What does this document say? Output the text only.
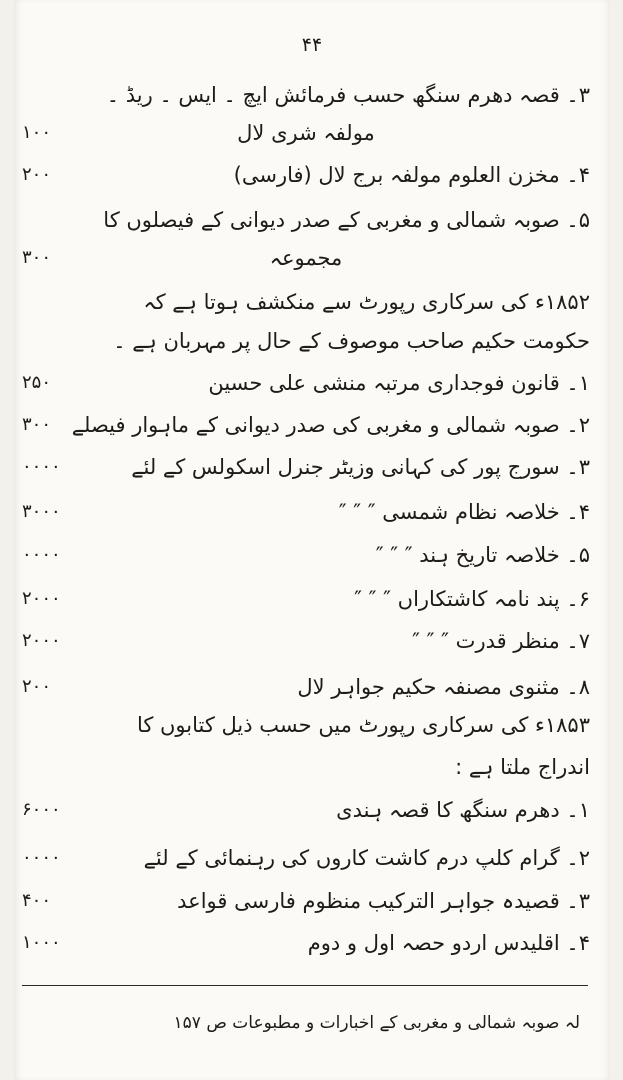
۴۴
۳۔ قصہ دھرم سنگھ حسب فرمائش ایچ ۔ ایس ۔ ریڈ ۔
مولفہ شری لال
۱۰۰
۴۔ مخزن العلوم مولفہ برج لال (فارسی)
۲۰۰
۵۔ صوبہ شمالی و مغربی کے صدر دیوانی کے فیصلوں کا
مجموعہ
۳۰۰
۱۸۵۲ء کی سرکاری رپورٹ سے منکشف ہوتا ہے کہ
حکومت حکیم صاحب موصوف کے حال پر مہربان ہے ۔
۱۔ قانون فوجداری مرتبہ منشی علی حسین
۲۵۰
۲۔ صوبہ شمالی و مغربی کی صدر دیوانی کے ماہوار فیصلے
۳۰۰
۳۔ سورج پور کی کہانی وزیٹر جنرل اسکولس کے لئے
۰۰۰۰
۴۔ خلاصہ نظام شمسی ″ ″ ″
۳۰۰۰
۵۔ خلاصہ تاریخ ہند ″ ″ ″
۰۰۰۰
۶۔ پند نامہ کاشتکاراں ″ ″ ″
۲۰۰۰
۷۔ منظر قدرت ″ ″ ″
۲۰۰۰
۸۔ مثنوی مصنفہ حکیم جواہر لال
۲۰۰
۱۸۵۳ء کی سرکاری رپورٹ میں حسب ذیل کتابوں کا
اندراج ملتا ہے :
۱۔ دھرم سنگھ کا قصہ ہندی
۶۰۰۰
۲۔ گرام کلپ درم کاشت کاروں کی رہنمائی کے لئے
۰۰۰۰
۳۔ قصیدہ جواہر الترکیب منظوم فارسی قواعد
۴۰۰
۴۔ اقلیدس اردو حصہ اول و دوم
۱۰۰۰
لہ صوبہ شمالی و مغربی کے اخبارات و مطبوعات ص ۱۵۷
